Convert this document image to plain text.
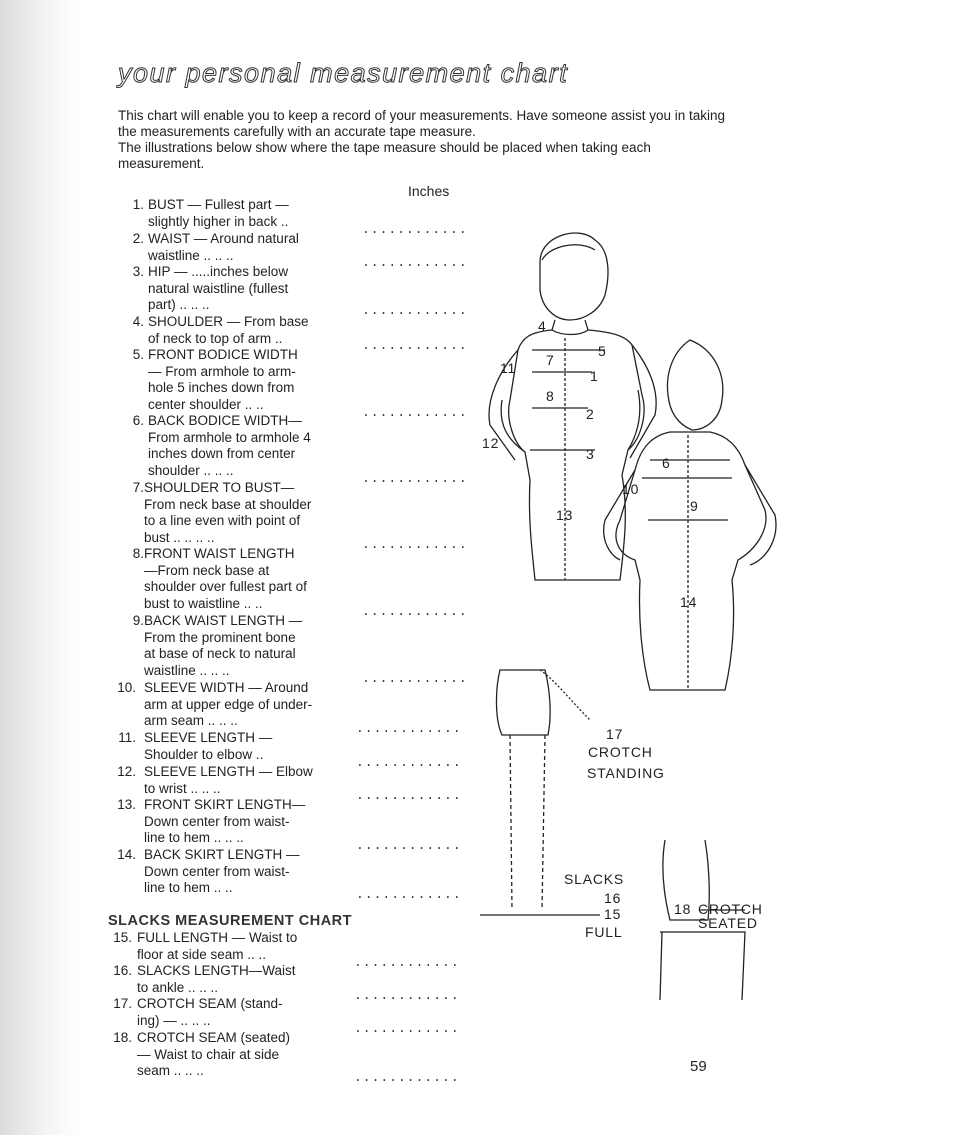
your personal measurement chart
This chart will enable you to keep a record of your measurements. Have someone assist you in taking the measurements carefully with an accurate tape measure.
The illustrations below show where the tape measure should be placed when taking each measurement.
Inches
1. BUST — Fullest part —
slightly higher in back ..
............
2. WAIST — Around natural
waistline .. .. ..	............
3. HIP — .....inches below
natural waistline (fullest
part) .. .. ..	............
4. SHOULDER — From base
of neck to top of arm ..	............
5. FRONT BODICE WIDTH
— From armhole to arm-
hole 5 inches down from
center shoulder .. ..
............
6. BACK BODICE WIDTH—
From armhole to armhole 4
inches down from center
shoulder .. .. ..
............
7. SHOULDER TO BUST—
From neck base at shoulder
to a line even with point of
bust .. .. .. ..	............
8. FRONT WAIST LENGTH
—From neck base at
shoulder over fullest part of
bust to waistline .. ..
............
9. BACK WAIST LENGTH —
From the prominent bone
at base of neck to natural
waistline .. .. ..
............
10. SLEEVE WIDTH — Around
arm at upper edge of under-
arm seam .. .. ..
............
11. SLEEVE LENGTH —
Shoulder to elbow ..
............
12. SLEEVE LENGTH — Elbow
to wrist .. .. ..	............
13. FRONT SKIRT LENGTH—
Down center from waist-
line to hem .. .. ..
............
14. BACK SKIRT LENGTH —
Down center from waist-
line to hem .. ..	............
15. FULL LENGTH — Waist to
floor at side seam .. ..
............
16. SLACKS LENGTH—Waist
to ankle .. .. ..
............
17. CROTCH SEAM (stand-
ing) — .. .. ..
............
18. CROTCH SEAM (seated)
— Waist to chair at side
seam .. .. ..	............
SLACKS MEASUREMENT CHART
1
2
3
4
5
6
7
8
9
10
11
12
13
14
15
16
17
18
CROTCH
STANDING
SLACKS
FULL
CROTCH
SEATED
59
